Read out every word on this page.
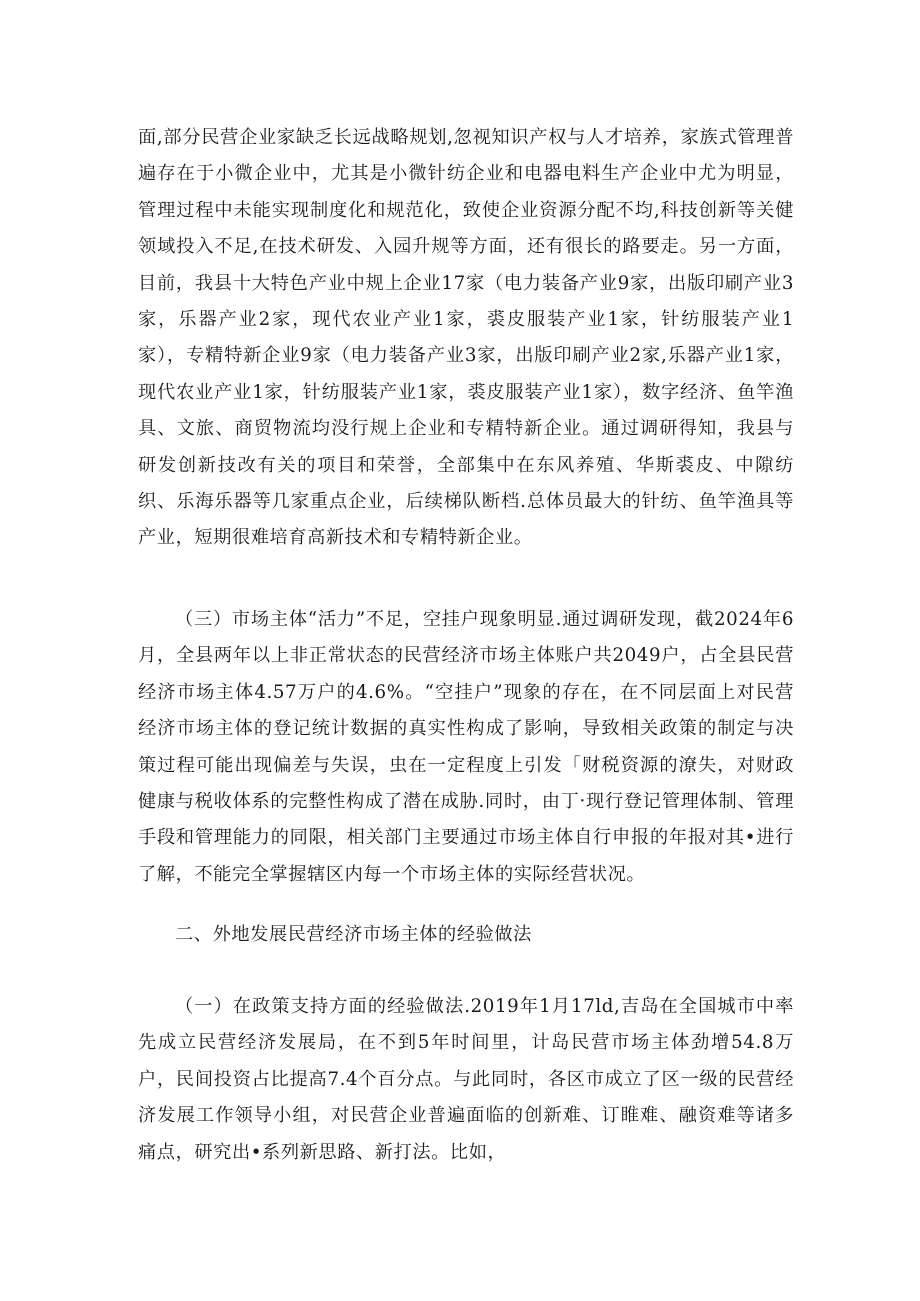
面,部分民营企业家缺乏长远战略规划,忽视知识产权与人才培养，家族式管理普遍存在于小微企业中，尤其是小微针纺企业和电器电料生产企业中尤为明显，管理过程中未能实现制度化和规范化，致使企业资源分配不均,科技创新等关健领域投入不足,在技术研发、入园升规等方面，还有很长的路要走。另一方面，目前，我县十大特色产业中规上企业17家（电力装备产业9家，出版印刷产业3家，乐器产业2家，现代农业产业1家，裘皮服装产业1家，针纺服装产业1家），专精特新企业9家（电力装备产业3家，出版印刷产业2家,乐器产业1家，现代农业产业1家，针纺服装产业1家，裘皮服装产业1家），数字经济、鱼竿渔具、文旅、商贸物流均没行规上企业和专精特新企业。通过调研得知，我县与研发创新技改有关的项目和荣誉，全部集中在东风养殖、华斯裘皮、中隙纺织、乐海乐器等几家重点企业，后续梯队断档.总体员最大的针纺、鱼竿渔具等产业，短期很难培育高新技术和专精特新企业。

（三）市场主体“活力”不足，空挂户现象明显.通过调研发现，截2024年6月，全县两年以上非正常状态的民营经济市场主体账户共2049户，占全县民营经济市场主体4.57万户的4.6%。“空挂户”现象的存在，在不同层面上对民营经济市场主体的登记统计数据的真实性构成了影响，导致相关政策的制定与决策过程可能出现偏差与失误，虫在一定程度上引发「财税资源的潦失，对财政健康与税收体系的完整性构成了潜在成胁.同时，由丁·现行登记管理体制、管理手段和管理能力的同限，相关部门主要通过市场主体自行申报的年报对其•进行了解，不能完全掌握辖区内每一个市场主体的实际经营状况。

二、外地发展民营经济市场主体的经验做法

（一）在政策支持方面的经验做法.2019年1月17ld,吉岛在全国城市中率先成立民营经济发展局，在不到5年时间里，计岛民营市场主体劲增54.8万户，民间投资占比提高7.4个百分点。与此同时，各区市成立了区一级的民营经济发展工作领导小组，对民营企业普遍面临的创新难、订睢难、融资难等诸多痛点，研究出•系列新思路、新打法。比如，
